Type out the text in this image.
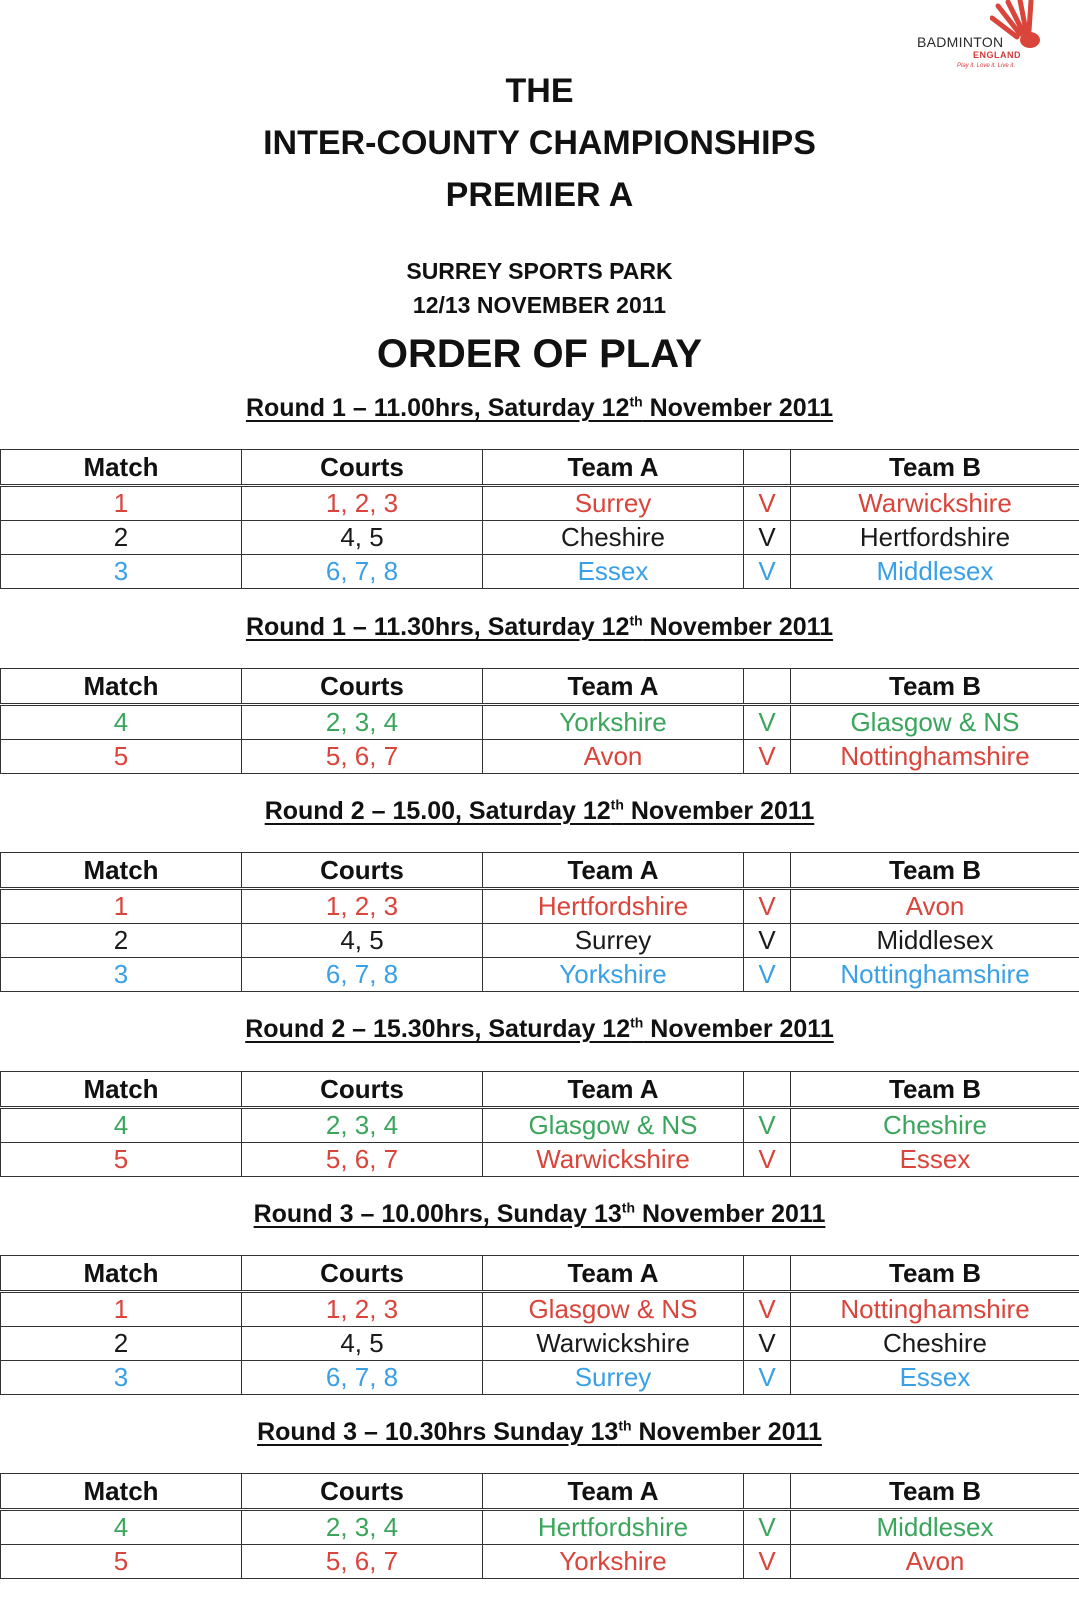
BADMINTON
ENGLAND
Play it. Love it. Live it.
THE
INTER-COUNTY CHAMPIONSHIPS
PREMIER A
SURREY SPORTS PARK
12/13 NOVEMBER 2011
ORDER OF PLAY
Round 1 – 11.00hrs, Saturday 12th November 2011
Match	Courts	Team A		Team B
1	1, 2, 3	Surrey	V	Warwickshire
2	4, 5	Cheshire	V	Hertfordshire
3	6, 7, 8	Essex	V	Middlesex
Round 1 – 11.30hrs, Saturday 12th November 2011
Match	Courts	Team A		Team B
4	2, 3, 4	Yorkshire	V	Glasgow & NS
5	5, 6, 7	Avon	V	Nottinghamshire
Round 2 – 15.00, Saturday 12th November 2011
Match	Courts	Team A		Team B
1	1, 2, 3	Hertfordshire	V	Avon
2	4, 5	Surrey	V	Middlesex
3	6, 7, 8	Yorkshire	V	Nottinghamshire
Round 2 – 15.30hrs, Saturday 12th November 2011
Match	Courts	Team A		Team B
4	2, 3, 4	Glasgow & NS	V	Cheshire
5	5, 6, 7	Warwickshire	V	Essex
Round 3 – 10.00hrs, Sunday 13th November 2011
Match	Courts	Team A		Team B
1	1, 2, 3	Glasgow & NS	V	Nottinghamshire
2	4, 5	Warwickshire	V	Cheshire
3	6, 7, 8	Surrey	V	Essex
Round 3 – 10.30hrs Sunday 13th November 2011
Match	Courts	Team A		Team B
4	2, 3, 4	Hertfordshire	V	Middlesex
5	5, 6, 7	Yorkshire	V	Avon
